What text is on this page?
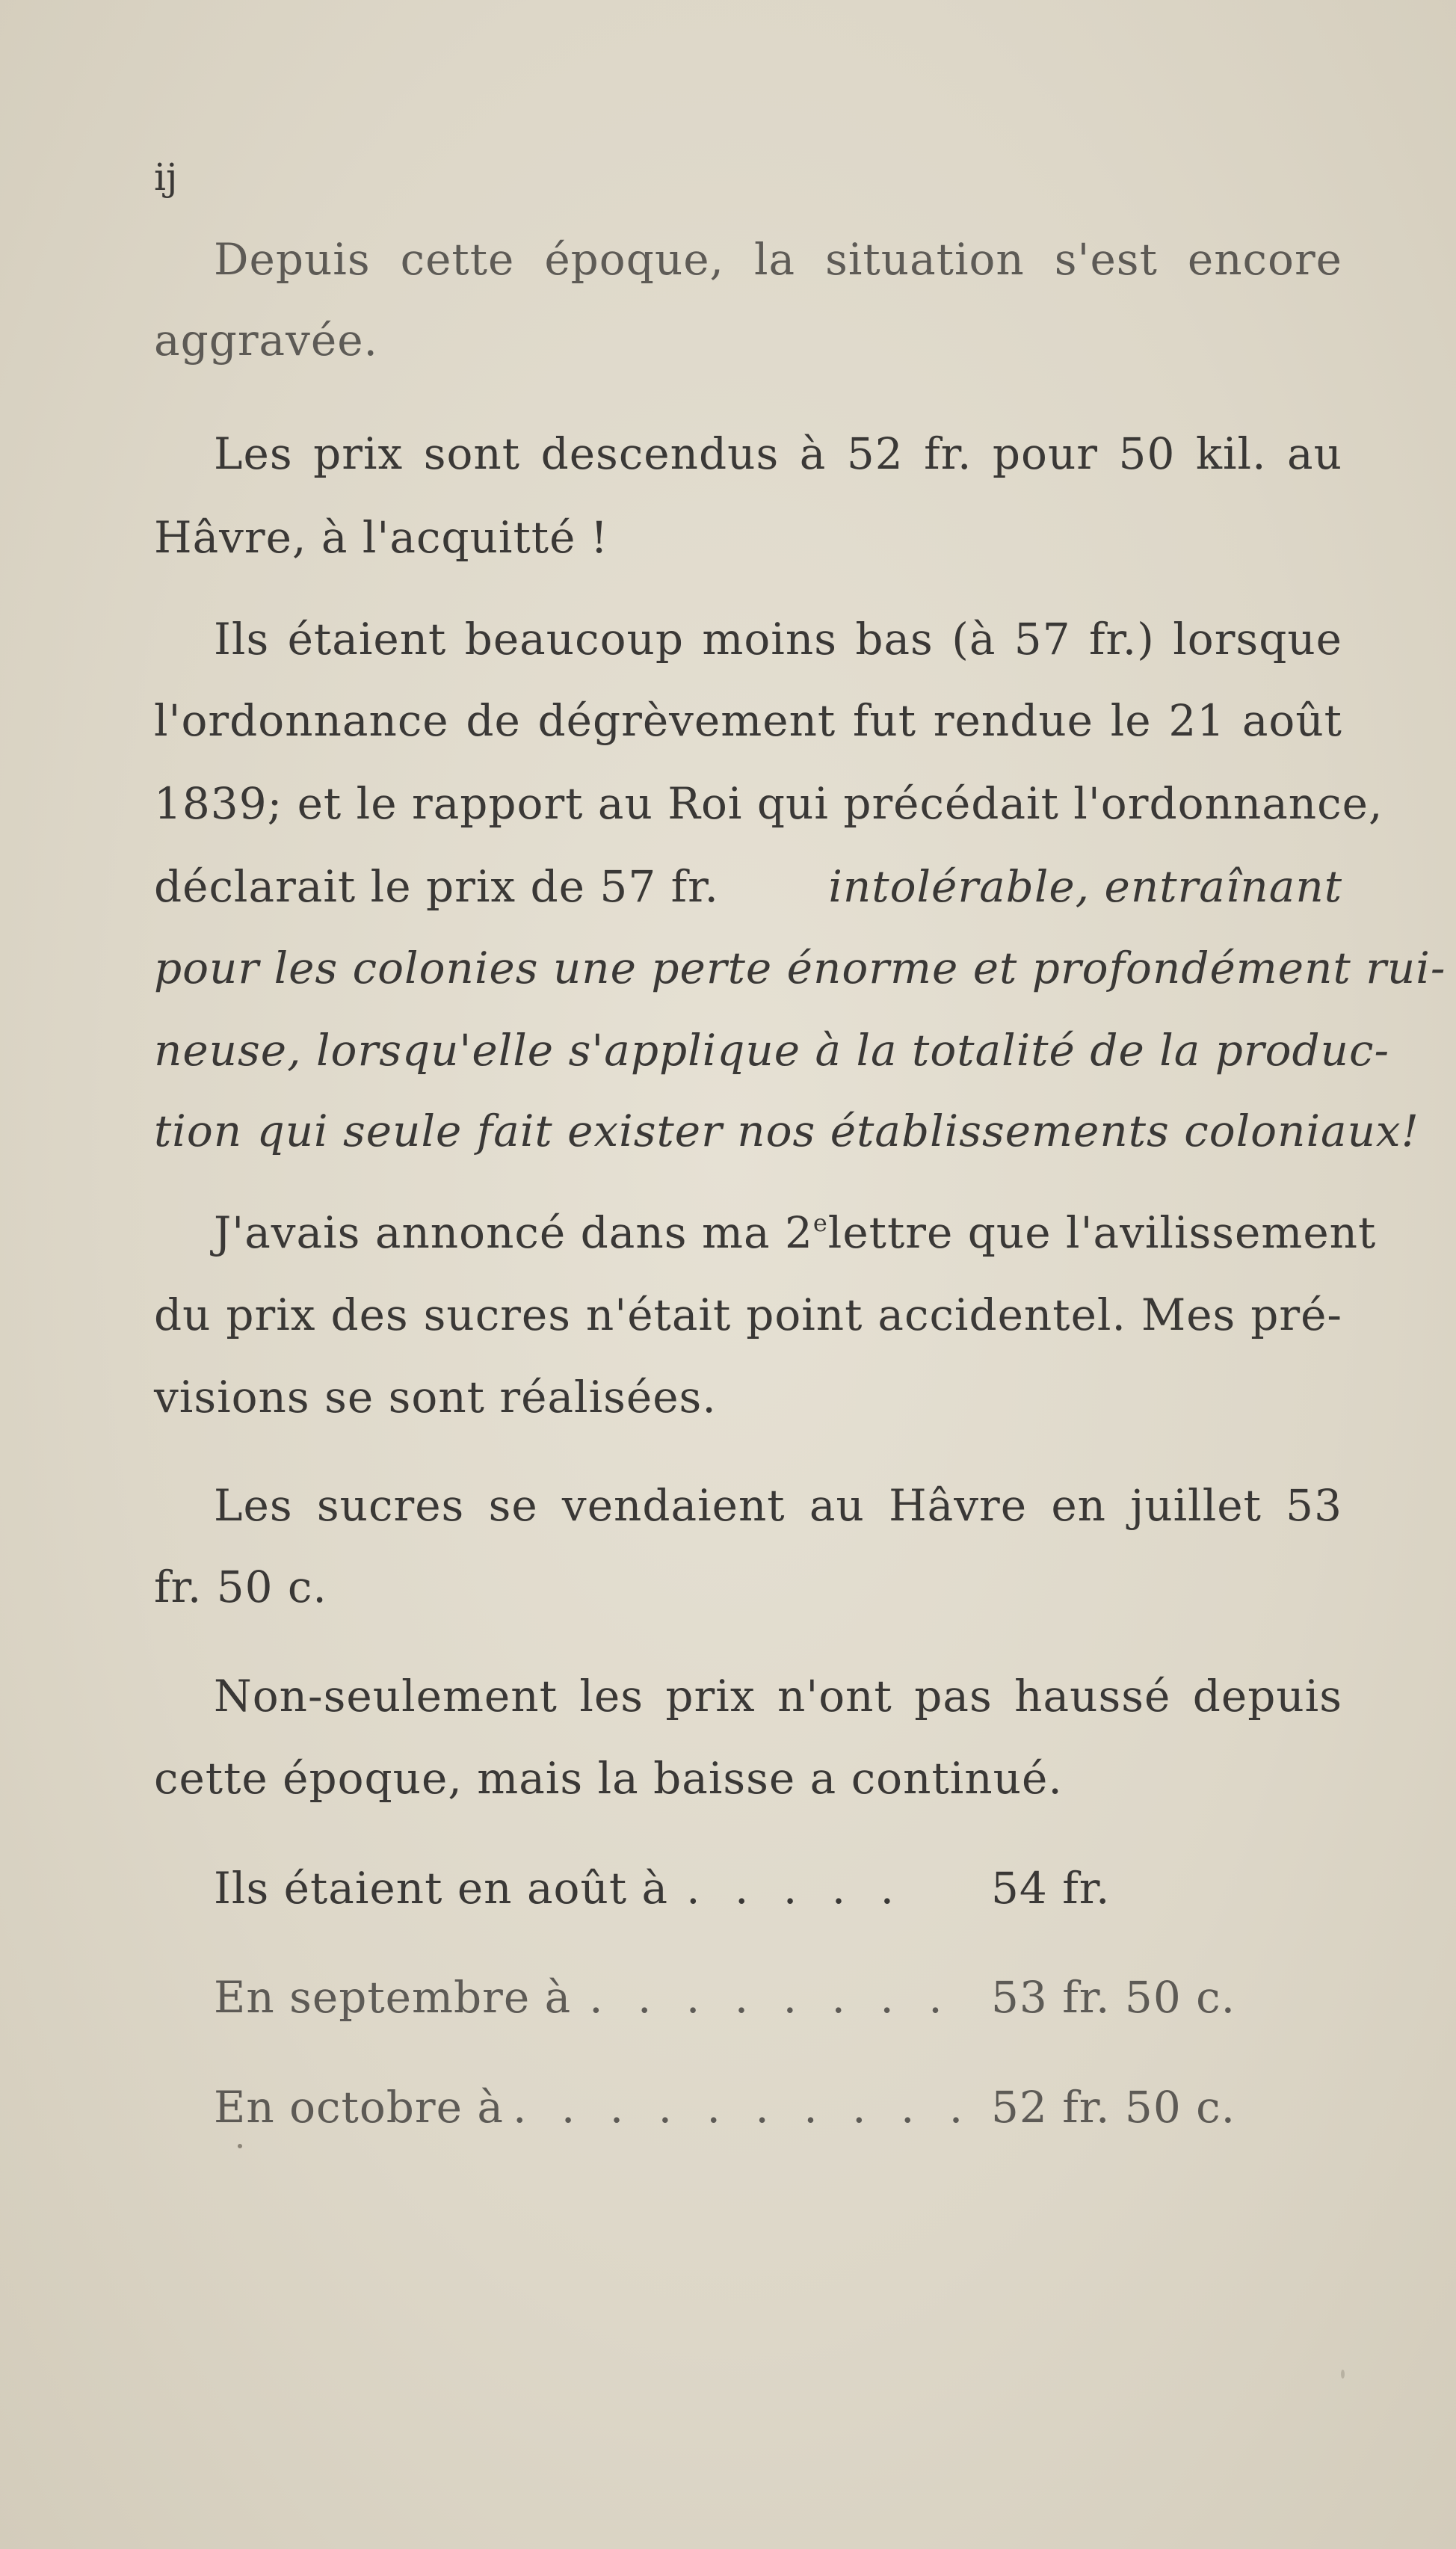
ij
Depuis cette époque, la situation s'est encore
aggravée.
Les prix sont descendus à 52 fr. pour 50 kil. au
Hâvre, à l'acquitté !
Ils étaient beaucoup moins bas (à 57 fr.) lorsque
l'ordonnance de dégrèvement fut rendue le 21 août
1839; et le rapport au Roi qui précédait l'ordonnance,
déclarait le prix de 57 fr.	intolérable, entraînant
pour les colonies une perte énorme et profondément rui-
neuse, lorsqu'elle s'applique à la totalité de la produc-
tion qui seule fait exister nos établissements coloniaux!
J'avais annoncé dans ma 2e lettre que l'avilissement
du prix des sucres n'était point accidentel. Mes pré-
visions se sont réalisées.
Les sucres se vendaient au Hâvre en juillet 53
fr. 50 c.
Non-seulement les prix n'ont pas haussé depuis
cette époque, mais la baisse a continué.
Ils étaient en août à . . . . . 54 fr.
En septembre à . . . . . . . . 53 fr. 50 c.
En octobre à . . . . . . . . . . 52 fr. 50 c.
